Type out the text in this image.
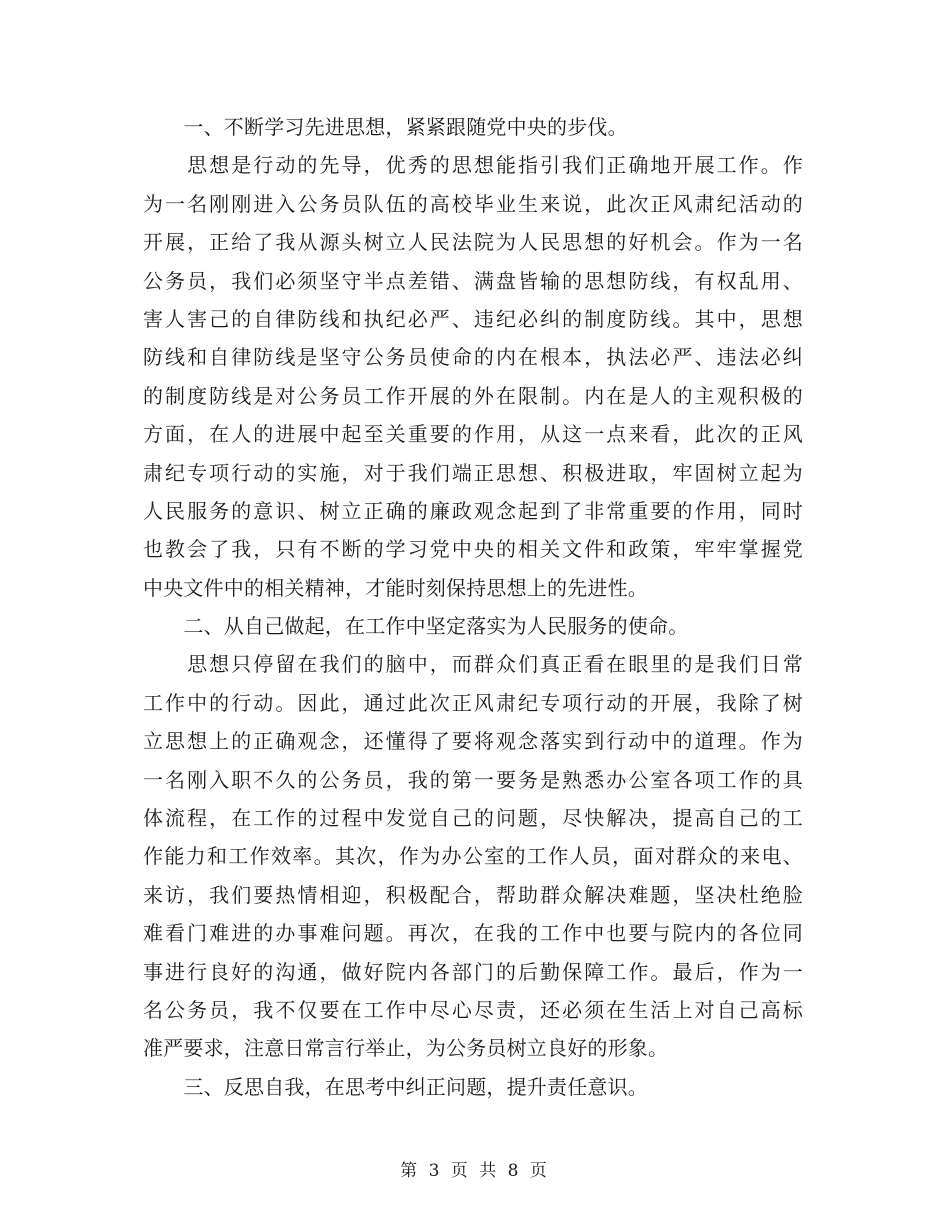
　　一、不断学习先进思想，紧紧跟随党中央的步伐。
　　思想是行动的先导，优秀的思想能指引我们正确地开展工作。作
为一名刚刚进入公务员队伍的高校毕业生来说，此次正风肃纪活动的
开展，正给了我从源头树立人民法院为人民思想的好机会。作为一名
公务员，我们必须坚守半点差错、满盘皆输的思想防线，有权乱用、
害人害己的自律防线和执纪必严、违纪必纠的制度防线。其中，思想
防线和自律防线是坚守公务员使命的内在根本，执法必严、违法必纠
的制度防线是对公务员工作开展的外在限制。内在是人的主观积极的
方面，在人的进展中起至关重要的作用，从这一点来看，此次的正风
肃纪专项行动的实施，对于我们端正思想、积极进取，牢固树立起为
人民服务的意识、树立正确的廉政观念起到了非常重要的作用，同时
也教会了我，只有不断的学习党中央的相关文件和政策，牢牢掌握党
中央文件中的相关精神，才能时刻保持思想上的先进性。
　　二、从自己做起，在工作中坚定落实为人民服务的使命。
　　思想只停留在我们的脑中，而群众们真正看在眼里的是我们日常
工作中的行动。因此，通过此次正风肃纪专项行动的开展，我除了树
立思想上的正确观念，还懂得了要将观念落实到行动中的道理。作为
一名刚入职不久的公务员，我的第一要务是熟悉办公室各项工作的具
体流程，在工作的过程中发觉自己的问题，尽快解决，提高自己的工
作能力和工作效率。其次，作为办公室的工作人员，面对群众的来电、
来访，我们要热情相迎，积极配合，帮助群众解决难题，坚决杜绝脸
难看门难进的办事难问题。再次，在我的工作中也要与院内的各位同
事进行良好的沟通，做好院内各部门的后勤保障工作。最后，作为一
名公务员，我不仅要在工作中尽心尽责，还必须在生活上对自己高标
准严要求，注意日常言行举止，为公务员树立良好的形象。
　　三、反思自我，在思考中纠正问题，提升责任意识。
第 3 页 共 8 页
